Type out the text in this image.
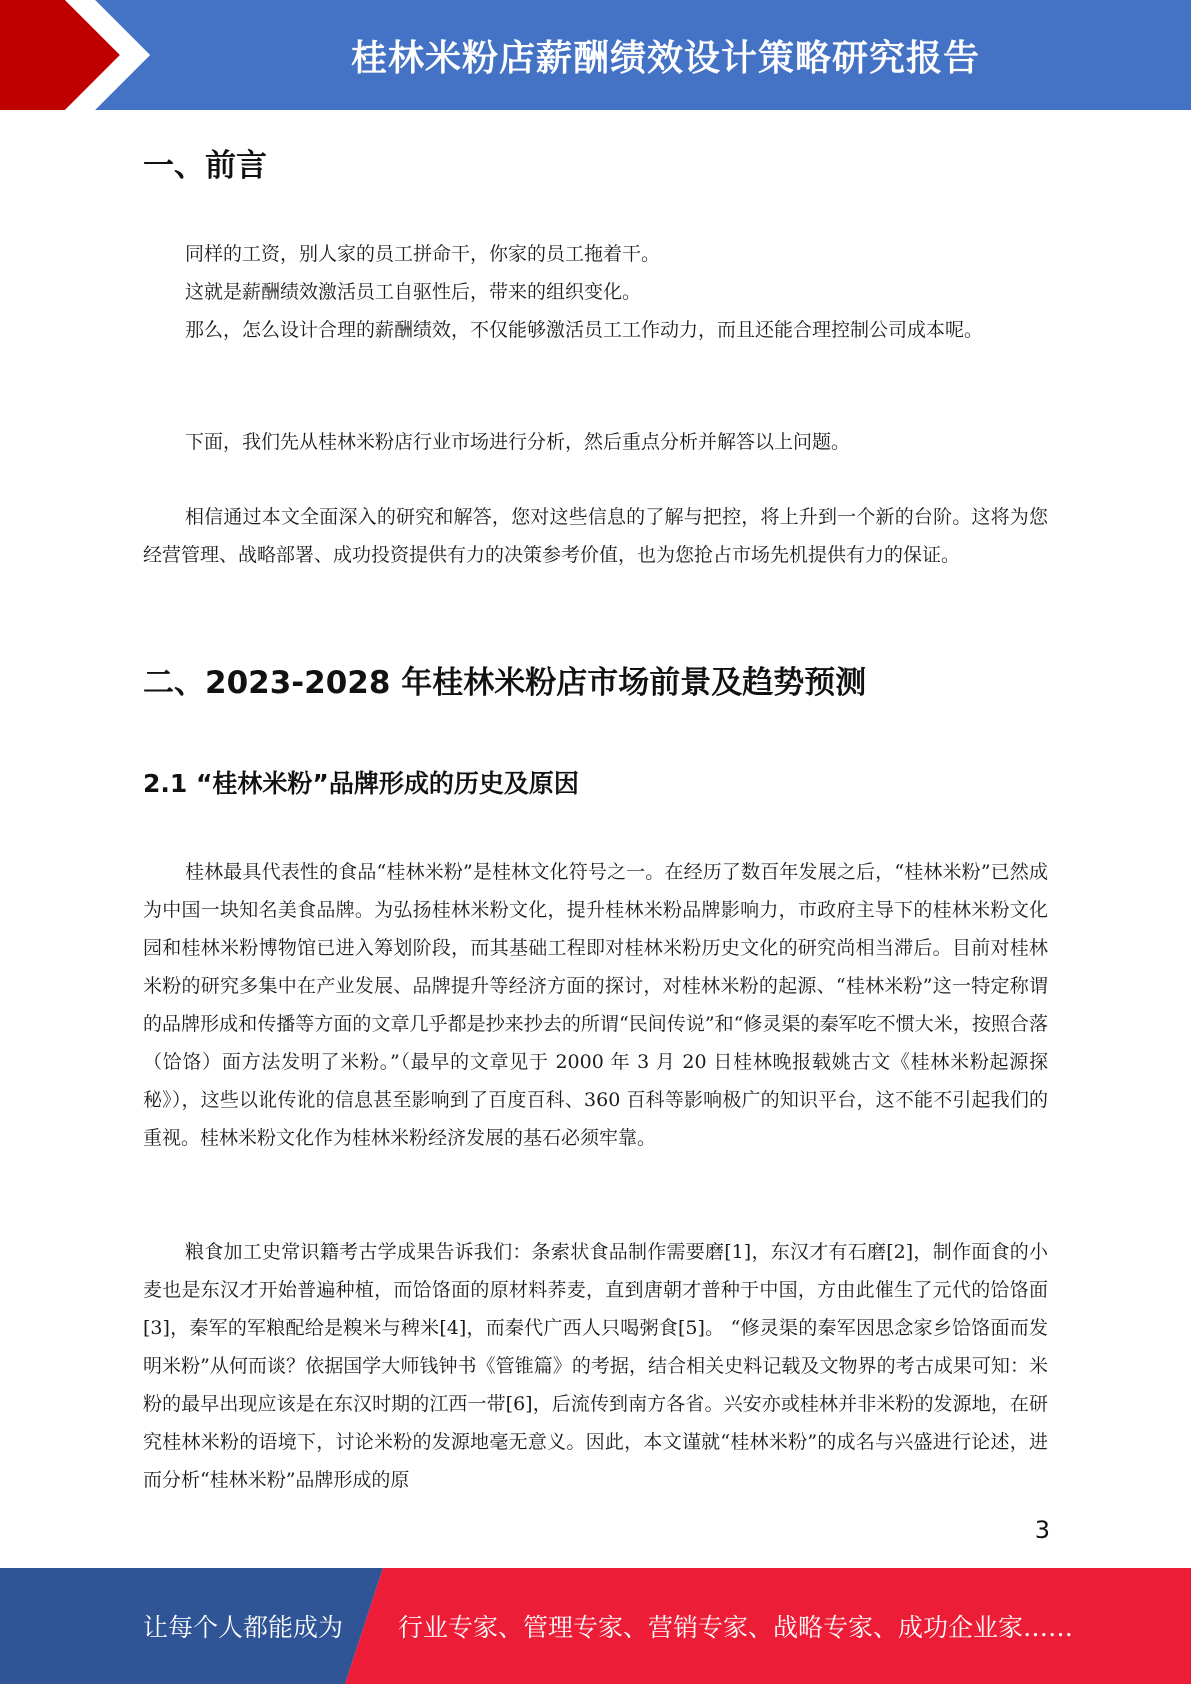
桂林米粉店薪酬绩效设计策略研究报告
一、前言

同样的工资，别人家的员工拼命干，你家的员工拖着干。

这就是薪酬绩效激活员工自驱性后，带来的组织变化。

那么，怎么设计合理的薪酬绩效，不仅能够激活员工工作动力，而且还能合理控制公司成本呢。

下面，我们先从桂林米粉店行业市场进行分析，然后重点分析并解答以上问题。

相信通过本文全面深入的研究和解答，您对这些信息的了解与把控，将上升到一个新的台阶。这将为您经营管理、战略部署、成功投资提供有力的决策参考价值，也为您抢占市场先机提供有力的保证。

二、2023-2028 年桂林米粉店市场前景及趋势预测
2.1 “桂林米粉”品牌形成的历史及原因

桂林最具代表性的食品“桂林米粉”是桂林文化符号之一。在经历了数百年发展之后，“桂林米粉”已然成为中国一块知名美食品牌。为弘扬桂林米粉文化，提升桂林米粉品牌影响力，市政府主导下的桂林米粉文化园和桂林米粉博物馆已进入筹划阶段，而其基础工程即对桂林米粉历史文化的研究尚相当滞后。目前对桂林米粉的研究多集中在产业发展、品牌提升等经济方面的探讨，对桂林米粉的起源、“桂林米粉”这一特定称谓的品牌形成和传播等方面的文章几乎都是抄来抄去的所谓“民间传说”和“修灵渠的秦军吃不惯大米，按照合落（饸饹）面方法发明了米粉。”（最早的文章见于 2000 年 3 月 20 日桂林晚报载姚古文《桂林米粉起源探秘》），这些以讹传讹的信息甚至影响到了百度百科、360 百科等影响极广的知识平台，这不能不引起我们的重视。桂林米粉文化作为桂林米粉经济发展的基石必须牢靠。

粮食加工史常识籍考古学成果告诉我们：条索状食品制作需要磨[1]，东汉才有石磨[2]，制作面食的小麦也是东汉才开始普遍种植，而饸饹面的原材料荞麦，直到唐朝才普种于中国，方由此催生了元代的饸饹面[3]，秦军的军粮配给是糗米与稗米[4]，而秦代广西人只喝粥食[5]。 “修灵渠的秦军因思念家乡饸饹面而发明米粉”从何而谈？依据国学大师钱钟书《管锥篇》的考据，结合相关史料记载及文物界的考古成果可知：米粉的最早出现应该是在东汉时期的江西一带[6]，后流传到南方各省。兴安亦或桂林并非米粉的发源地，在研究桂林米粉的语境下，讨论米粉的发源地毫无意义。因此，本文谨就“桂林米粉”的成名与兴盛进行论述，进而分析“桂林米粉”品牌形成的原

3
让每个人都能成为 行业专家、管理专家、营销专家、战略专家、成功企业家……
